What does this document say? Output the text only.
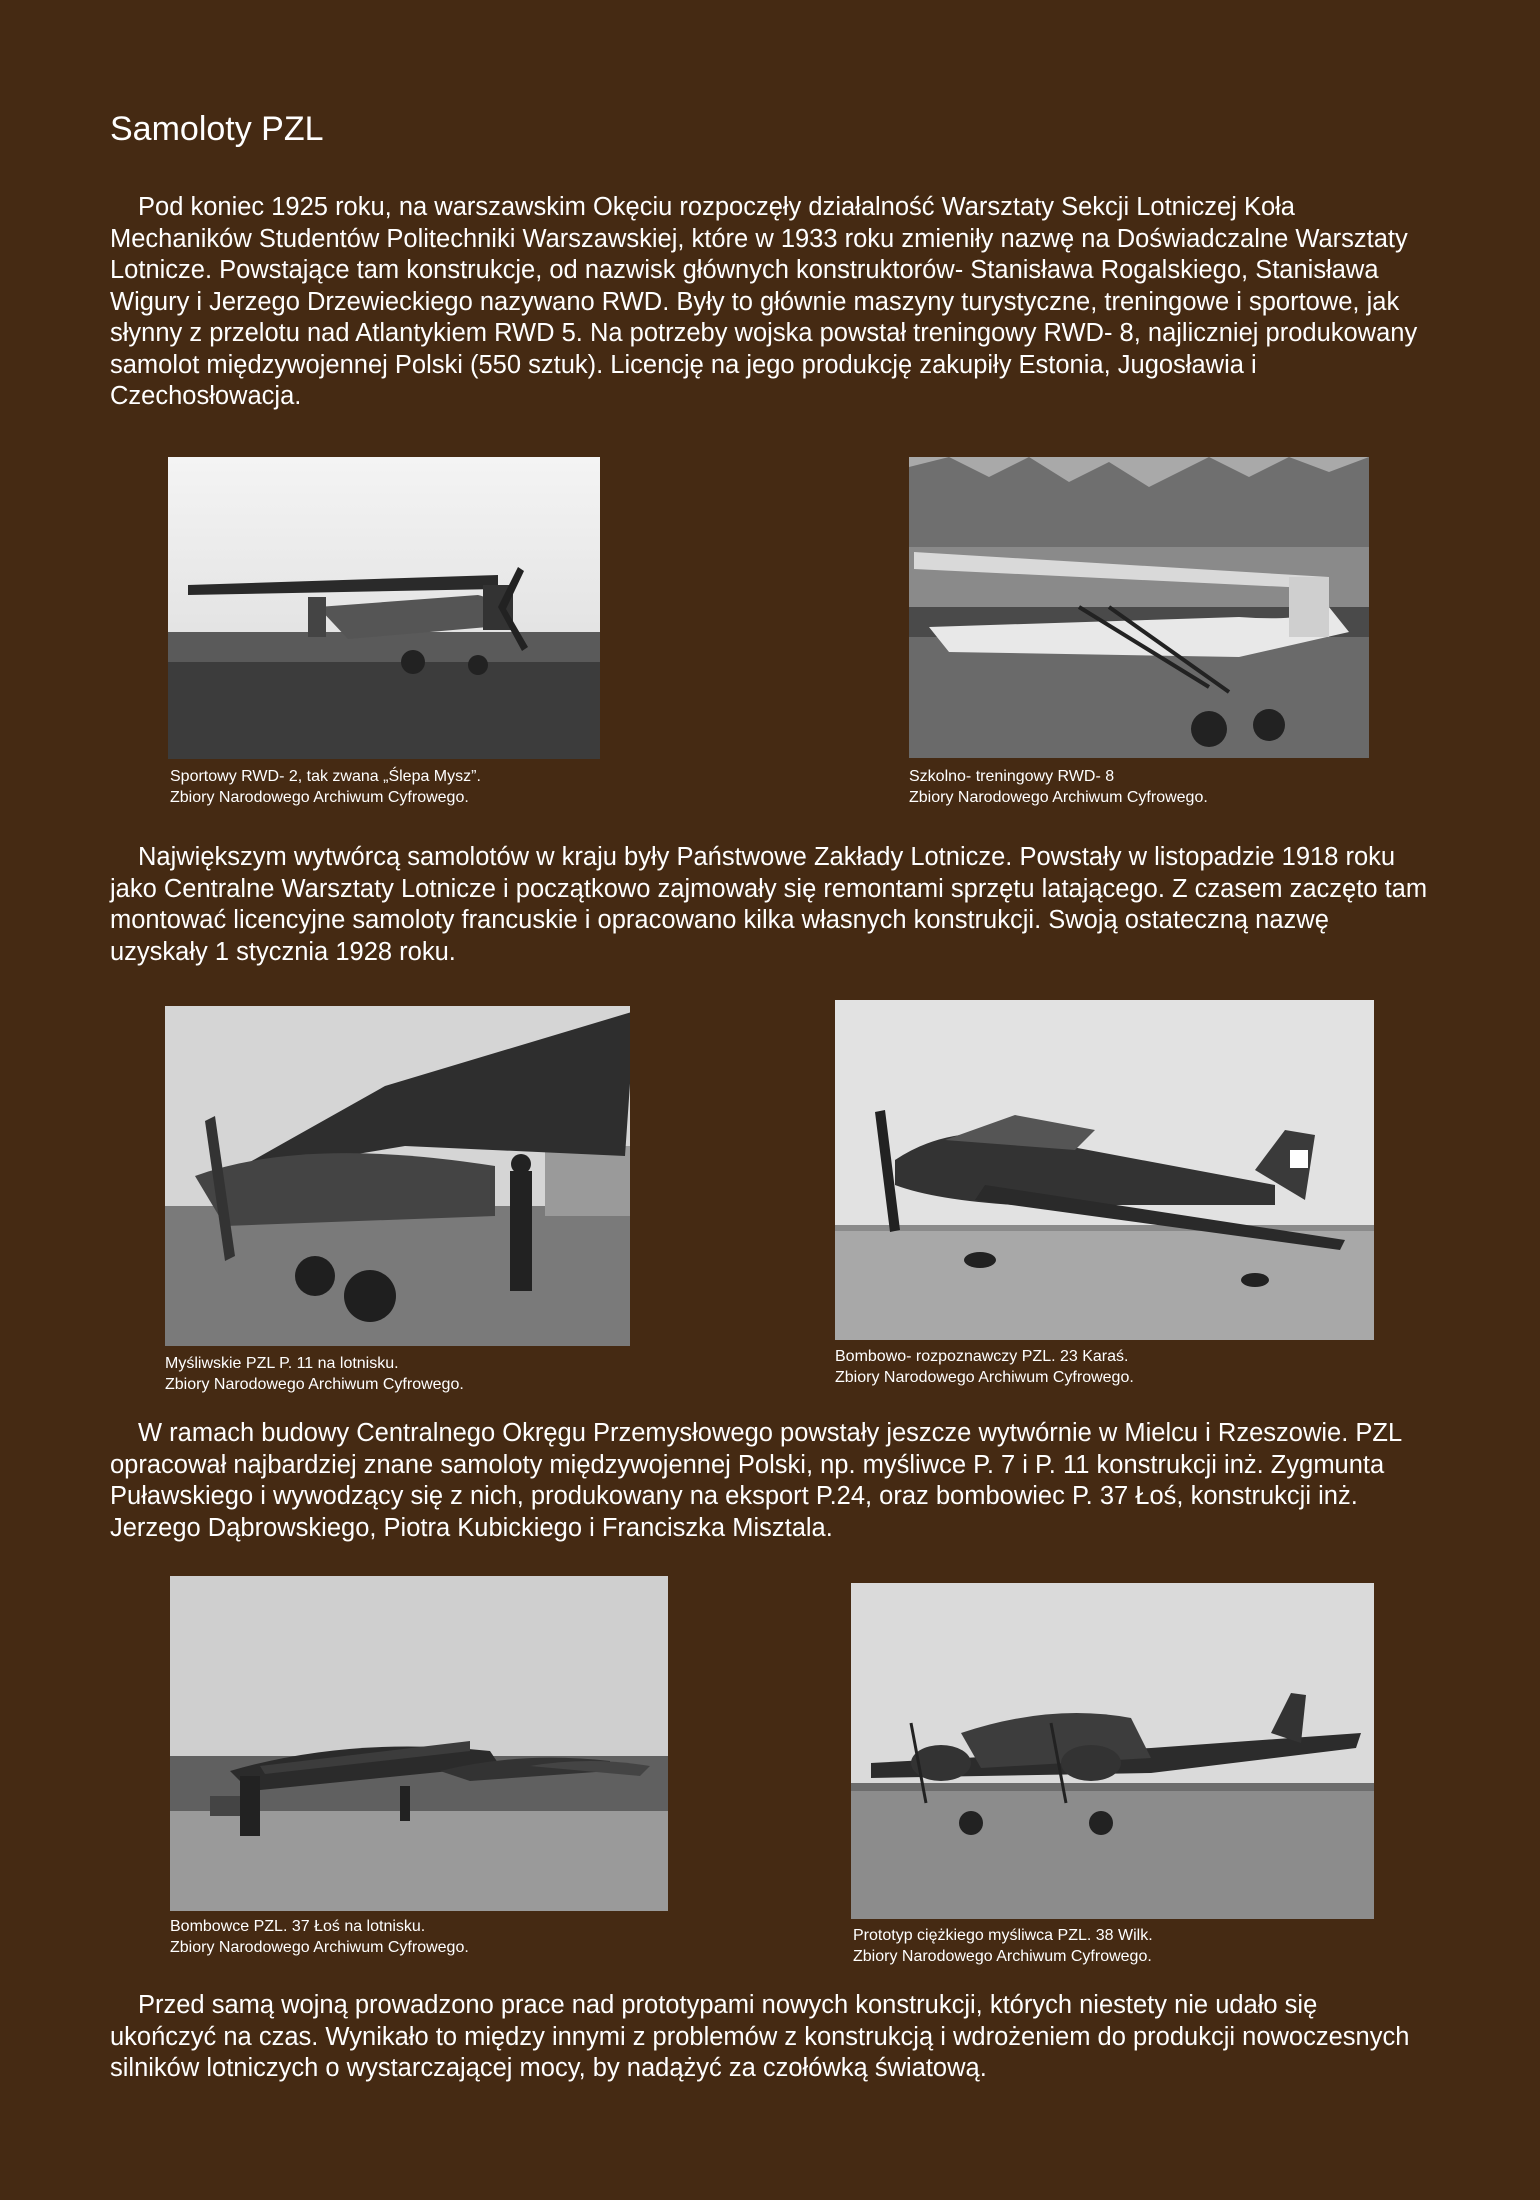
Samoloty PZL

Pod koniec 1925 roku, na warszawskim Okęciu rozpoczęły działalność Warsztaty Sekcji Lotniczej Koła Mechaników Studentów Politechniki Warszawskiej, które w 1933 roku zmieniły nazwę na Doświadczalne Warsztaty Lotnicze. Powstające tam konstrukcje, od nazwisk głównych konstruktorów- Stanisława Rogalskiego, Stanisława Wigury i Jerzego Drzewieckiego nazywano RWD. Były to głównie maszyny turystyczne, treningowe i sportowe, jak słynny z przelotu nad Atlantykiem RWD 5. Na potrzeby wojska powstał treningowy RWD- 8, najliczniej produkowany samolot międzywojennej Polski (550 sztuk). Licencję na jego produkcję zakupiły Estonia, Jugosławia i Czechosłowacja.

Sportowy RWD- 2, tak zwana „Ślepa Mysz”.
Zbiory Narodowego Archiwum Cyfrowego.

Szkolno- treningowy RWD- 8
Zbiory Narodowego Archiwum Cyfrowego.

Największym wytwórcą samolotów w kraju były Państwowe Zakłady Lotnicze. Powstały w listopadzie 1918 roku jako Centralne Warsztaty Lotnicze i początkowo zajmowały się remontami sprzętu latającego. Z czasem zaczęto tam montować licencyjne samoloty francuskie i opracowano kilka własnych konstrukcji. Swoją ostateczną nazwę uzyskały 1 stycznia 1928 roku.

Myśliwskie PZL P. 11 na lotnisku.
Zbiory Narodowego Archiwum Cyfrowego.

Bombowo- rozpoznawczy PZL. 23 Karaś.
Zbiory Narodowego Archiwum Cyfrowego.

W ramach budowy Centralnego Okręgu Przemysłowego powstały jeszcze wytwórnie w Mielcu i Rzeszowie. PZL opracował najbardziej znane samoloty międzywojennej Polski, np. myśliwce P. 7 i P. 11 konstrukcji inż. Zygmunta Puławskiego i wywodzący się z nich, produkowany na eksport P.24, oraz bombowiec P. 37 Łoś, konstrukcji inż. Jerzego Dąbrowskiego, Piotra Kubickiego i Franciszka Misztala.

Bombowce PZL. 37 Łoś na lotnisku.
Zbiory Narodowego Archiwum Cyfrowego.

Prototyp ciężkiego myśliwca PZL. 38 Wilk.
Zbiory Narodowego Archiwum Cyfrowego.

Przed samą wojną prowadzono prace nad prototypami nowych konstrukcji, których niestety nie udało się ukończyć na czas. Wynikało to między innymi z problemów z konstrukcją i wdrożeniem do produkcji nowoczesnych silników lotniczych o wystarczającej mocy, by nadążyć za czołówką światową.
